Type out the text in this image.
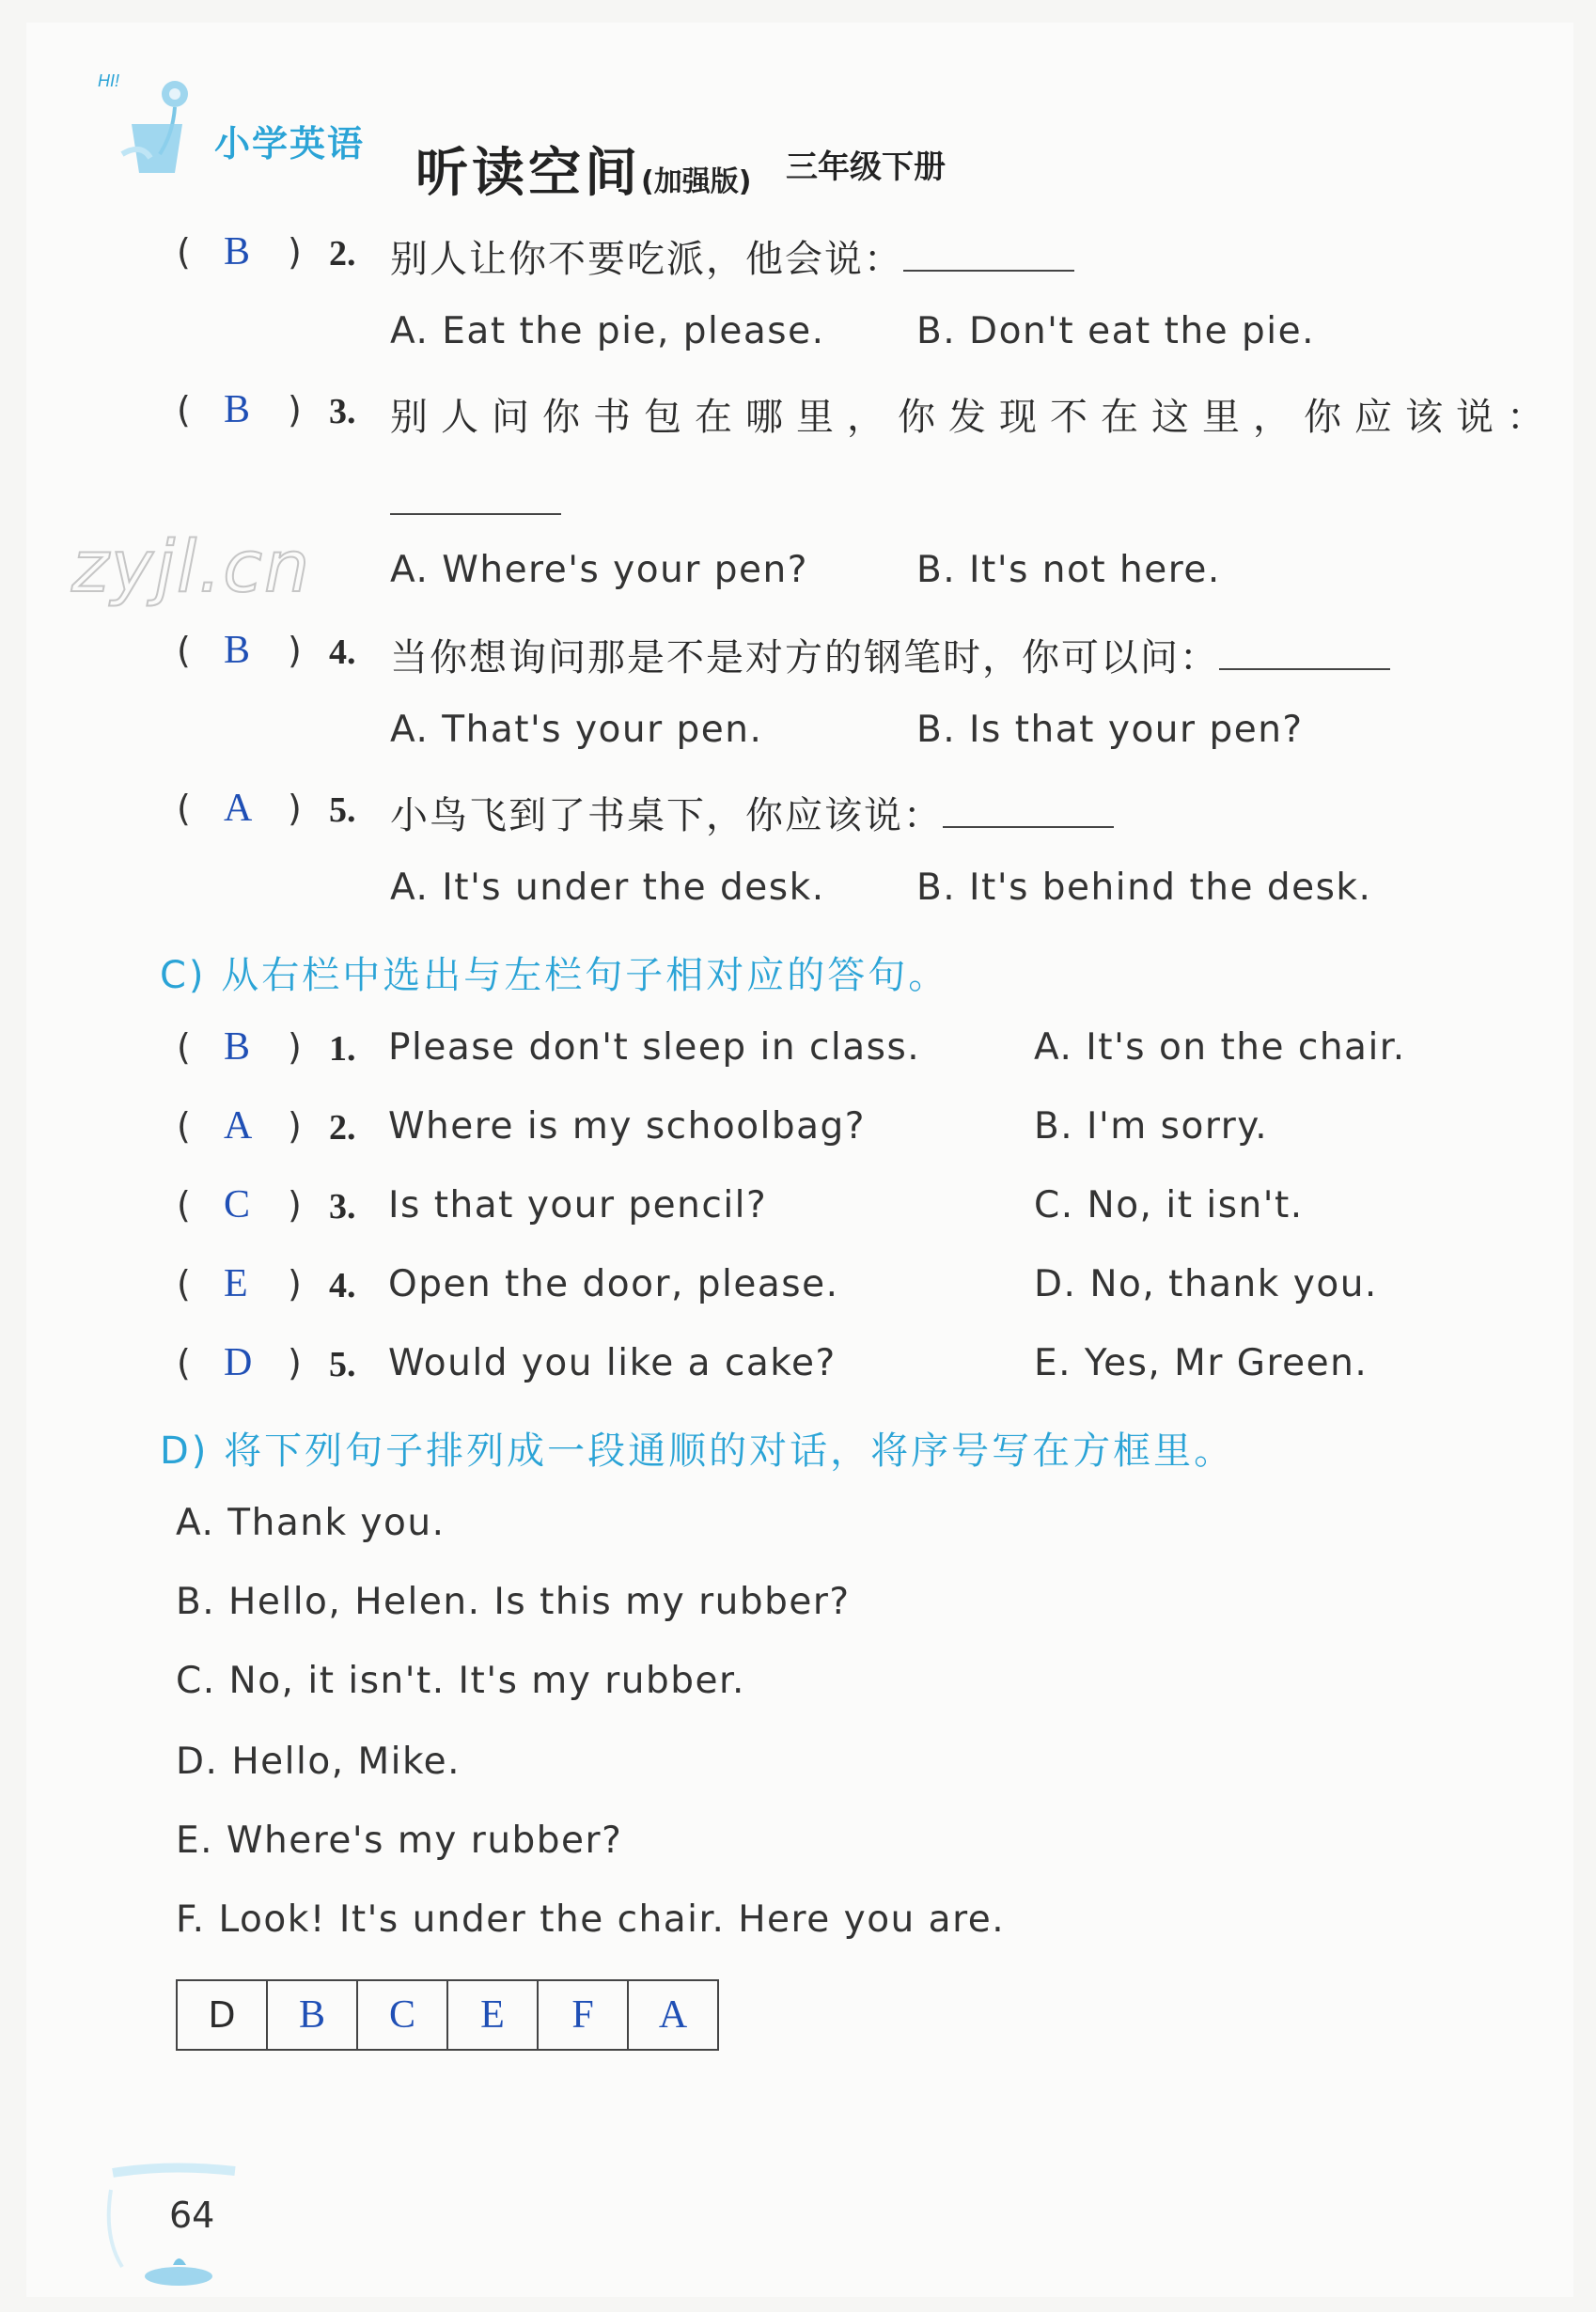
HI!
小学英语 听读空间(加强版) 三年级下册
( B ) 2. 别人让你不要吃派，他会说：
A. Eat the pie, please.	B. Don't eat the pie.
( B ) 3. 别人问你书包在哪里，你发现不在这里，你应该说：
zyjl.cn A. Where's your pen?	B. It's not here.
( B ) 4. 当你想询问那是不是对方的钢笔时，你可以问：
A. That's your pen.	B. Is that your pen?
( A ) 5. 小鸟飞到了书桌下，你应该说：
A. It's under the desk. B. It's behind the desk.
C) 从右栏中选出与左栏句子相对应的答句。
( B ) 1. Please don't sleep in class.	A. It's on the chair.
( A ) 2. Where is my schoolbag?	B. I'm sorry.
( C ) 3. Is that your pencil?	C. No, it isn't.
( E ) 4. Open the door, please.	D. No, thank you.
( D ) 5. Would you like a cake?	E. Yes, Mr Green.
D) 将下列句子排列成一段通顺的对话，将序号写在方框里。
A. Thank you.
B. Hello, Helen. Is this my rubber?
C. No, it isn't. It's my rubber.
D. Hello, Mike.
E. Where's my rubber?
F. Look! It's under the chair. Here you are.
D	B	C	E	F	A
64
